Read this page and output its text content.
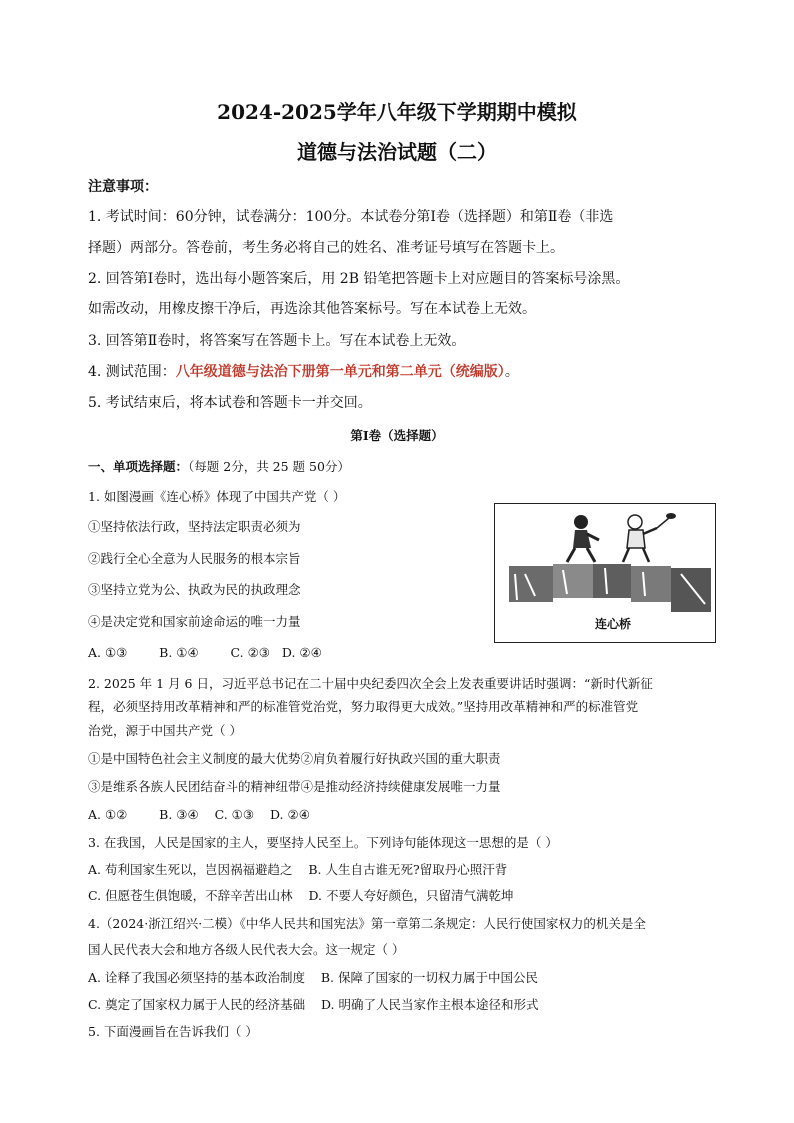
2024-2025学年八年级下学期期中模拟
道德与法治试题（二）
注意事项：
1. 考试时间：60分钟，试卷满分：100分。本试卷分第Ⅰ卷（选择题）和第Ⅱ卷（非选
择题）两部分。答卷前，考生务必将自己的姓名、准考证号填写在答题卡上。
2. 回答第Ⅰ卷时，选出每小题答案后，用 2B 铅笔把答题卡上对应题目的答案标号涂黑。
如需改动，用橡皮擦干净后，再选涂其他答案标号。写在本试卷上无效。
3. 回答第Ⅱ卷时，将答案写在答题卡上。写在本试卷上无效。
4. 测试范围：八年级道德与法治下册第一单元和第二单元（统编版）。
5. 考试结束后，将本试卷和答题卡一并交回。
第Ⅰ卷（选择题）
一、单项选择题：（每题 2分，共 25 题 50分）
1. 如图漫画《连心桥》体现了中国共产党（ ）
①坚持依法行政，坚持法定职责必须为
②践行全心全意为人民服务的根本宗旨
③坚持立党为公、执政为民的执政理念
④是决定党和国家前途命运的唯一力量
A. ①③        B. ①④        C. ②③   D. ②④
连心桥
2. 2025 年 1 月 6 日，习近平总书记在二十届中央纪委四次全会上发表重要讲话时强调：“新时代新征
程，必须坚持用改革精神和严的标准管党治党，努力取得更大成效。”坚持用改革精神和严的标准管党
治党，源于中国共产党（ ）
①是中国特色社会主义制度的最大优势②肩负着履行好执政兴国的重大职责
③是维系各族人民团结奋斗的精神纽带④是推动经济持续健康发展唯一力量
A. ①②        B. ③④    C. ①③    D. ②④
3. 在我国，人民是国家的主人，要坚持人民至上。下列诗句能体现这一思想的是（ ）
A. 苟利国家生死以，岂因祸福避趋之    B. 人生自古谁无死?留取丹心照汗背
C. 但愿苍生俱饱暖，不辞辛苦出山林    D. 不要人夸好颜色，只留清气满乾坤
4.（2024·浙江绍兴·二模）《中华人民共和国宪法》第一章第二条规定：人民行使国家权力的机关是全
国人民代表大会和地方各级人民代表大会。这一规定（ ）
A. 诠释了我国必须坚持的基本政治制度    B. 保障了国家的一切权力属于中国公民
C. 奠定了国家权力属于人民的经济基础    D. 明确了人民当家作主根本途径和形式
5. 下面漫画旨在告诉我们（ ）
